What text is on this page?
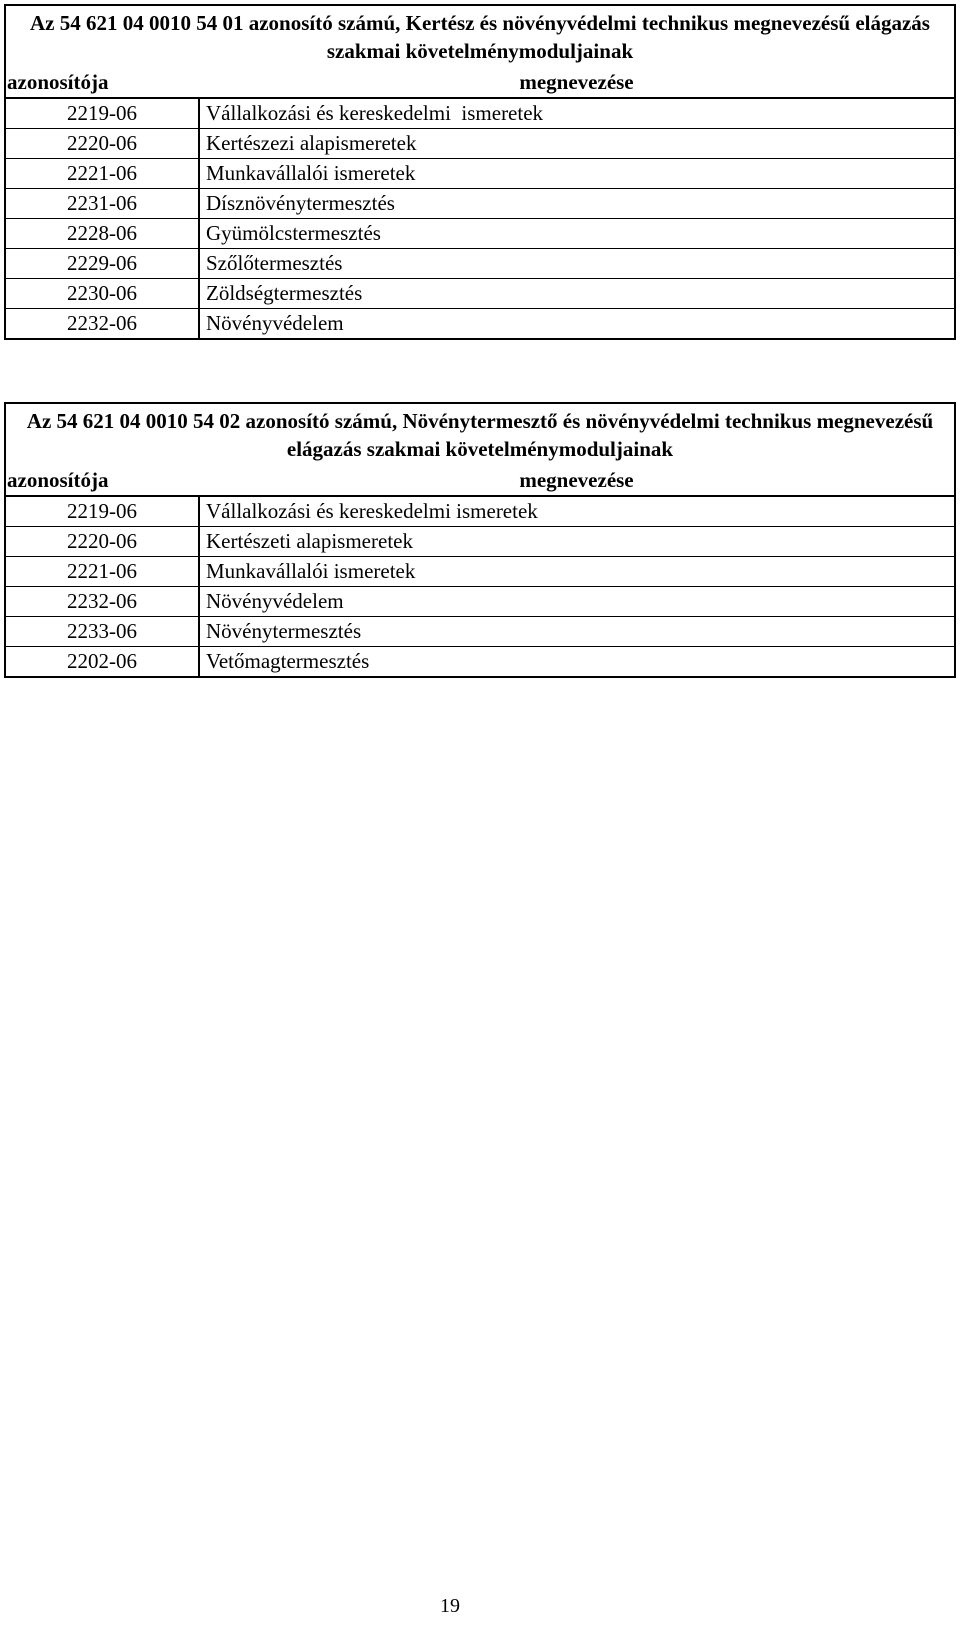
Az 54 621 04 0010 54 01 azonosító számú, Kertész és növényvédelmi technikus megnevezésű elágazás szakmai követelménymoduljainak	
azonosítója	megnevezése
2219-06	Vállalkozási és kereskedelmi  ismeretek
2220-06	Kertészezi alapismeretek
2221-06	Munkavállalói ismeretek
2231-06	Dísznövénytermesztés
2228-06	Gyümölcstermesztés
2229-06	Szőlőtermesztés
2230-06	Zöldségtermesztés
2232-06	Növényvédelem
Az 54 621 04 0010 54 02 azonosító számú, Növénytermesztő és növényvédelmi technikus megnevezésű elágazás szakmai követelménymoduljainak	
azonosítója	megnevezése
2219-06	Vállalkozási és kereskedelmi ismeretek
2220-06	Kertészeti alapismeretek
2221-06	Munkavállalói ismeretek
2232-06	Növényvédelem
2233-06	Növénytermesztés
2202-06	Vetőmagtermesztés
19
